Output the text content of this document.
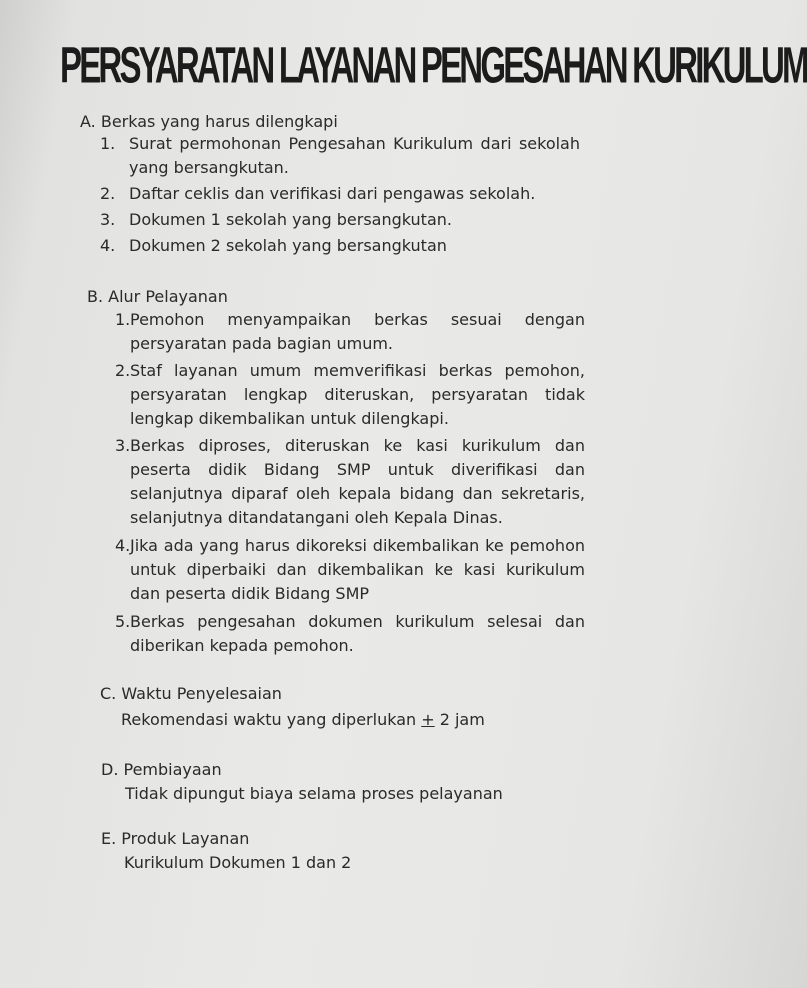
PERSYARATAN LAYANAN PENGESAHAN KURIKULUM
A. Berkas yang harus dilengkapi
1. Surat permohonan Pengesahan Kurikulum dari sekolah yang bersangkutan.
2. Daftar ceklis dan verifikasi dari pengawas sekolah.
3. Dokumen 1 sekolah yang bersangkutan.
4. Dokumen 2 sekolah yang bersangkutan
B. Alur Pelayanan
1. Pemohon menyampaikan berkas sesuai dengan persyaratan pada bagian umum.
2. Staf layanan umum memverifikasi berkas pemohon, persyaratan lengkap diteruskan, persyaratan tidak lengkap dikembalikan untuk dilengkapi.
3. Berkas diproses, diteruskan ke kasi kurikulum dan peserta didik Bidang SMP untuk diverifikasi dan selanjutnya diparaf oleh kepala bidang dan sekretaris, selanjutnya ditandatangani oleh Kepala Dinas.
4. Jika ada yang harus dikoreksi dikembalikan ke pemohon untuk diperbaiki dan dikembalikan ke kasi kurikulum dan peserta didik Bidang SMP
5. Berkas pengesahan dokumen kurikulum selesai dan diberikan kepada pemohon.
C. Waktu Penyelesaian
Rekomendasi waktu yang diperlukan + 2 jam
D. Pembiayaan
Tidak dipungut biaya selama proses pelayanan
E. Produk Layanan
Kurikulum Dokumen 1 dan 2
